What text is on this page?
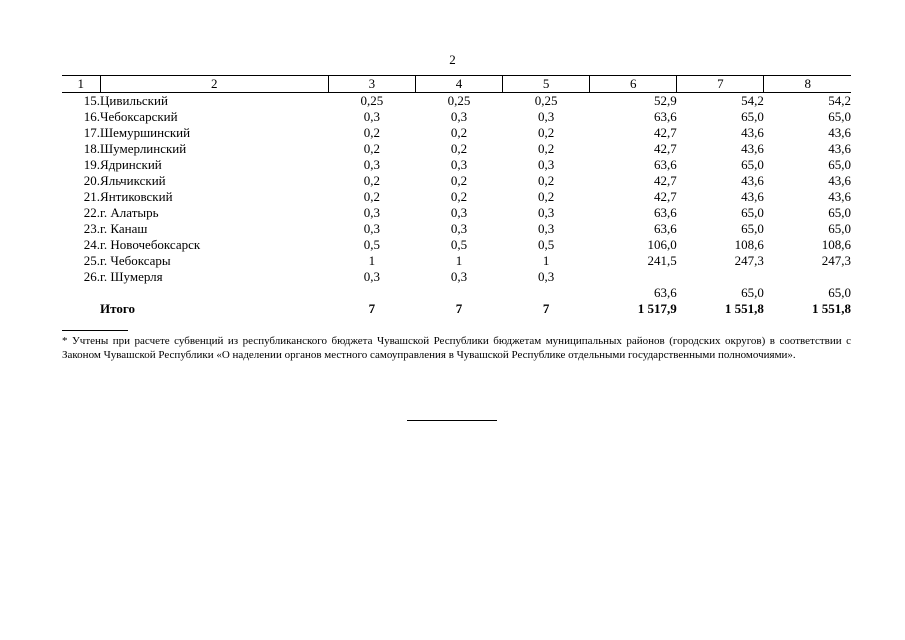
2
1	2	3	4	5	6	7	8
15.	Цивильский	0,25	0,25	0,25	52,9	54,2	54,2
16.	Чебоксарский	0,3	0,3	0,3	63,6	65,0	65,0
17.	Шемуршинский	0,2	0,2	0,2	42,7	43,6	43,6
18.	Шумерлинский	0,2	0,2	0,2	42,7	43,6	43,6
19.	Ядринский	0,3	0,3	0,3	63,6	65,0	65,0
20.	Яльчикский	0,2	0,2	0,2	42,7	43,6	43,6
21.	Янтиковский	0,2	0,2	0,2	42,7	43,6	43,6
22.	г. Алатырь	0,3	0,3	0,3	63,6	65,0	65,0
23.	г. Канаш	0,3	0,3	0,3	63,6	65,0	65,0
24.	г. Новочебоксарск	0,5	0,5	0,5	106,0	108,6	108,6
25.	г. Чебоксары	1	1	1	241,5	247,3	247,3
26.	г. Шумерля	0,3	0,3	0,3			
					63,6	65,0	65,0
	Итого	7	7	7	1 517,9	1 551,8	1 551,8
* Учтены при расчете субвенций из республиканского бюджета Чувашской Республики бюджетам муниципальных районов (городских округов) в соответствии с Законом Чувашской Республики «О наделении органов местного самоуправления в Чувашской Республике отдельными государственными полномочиями».
